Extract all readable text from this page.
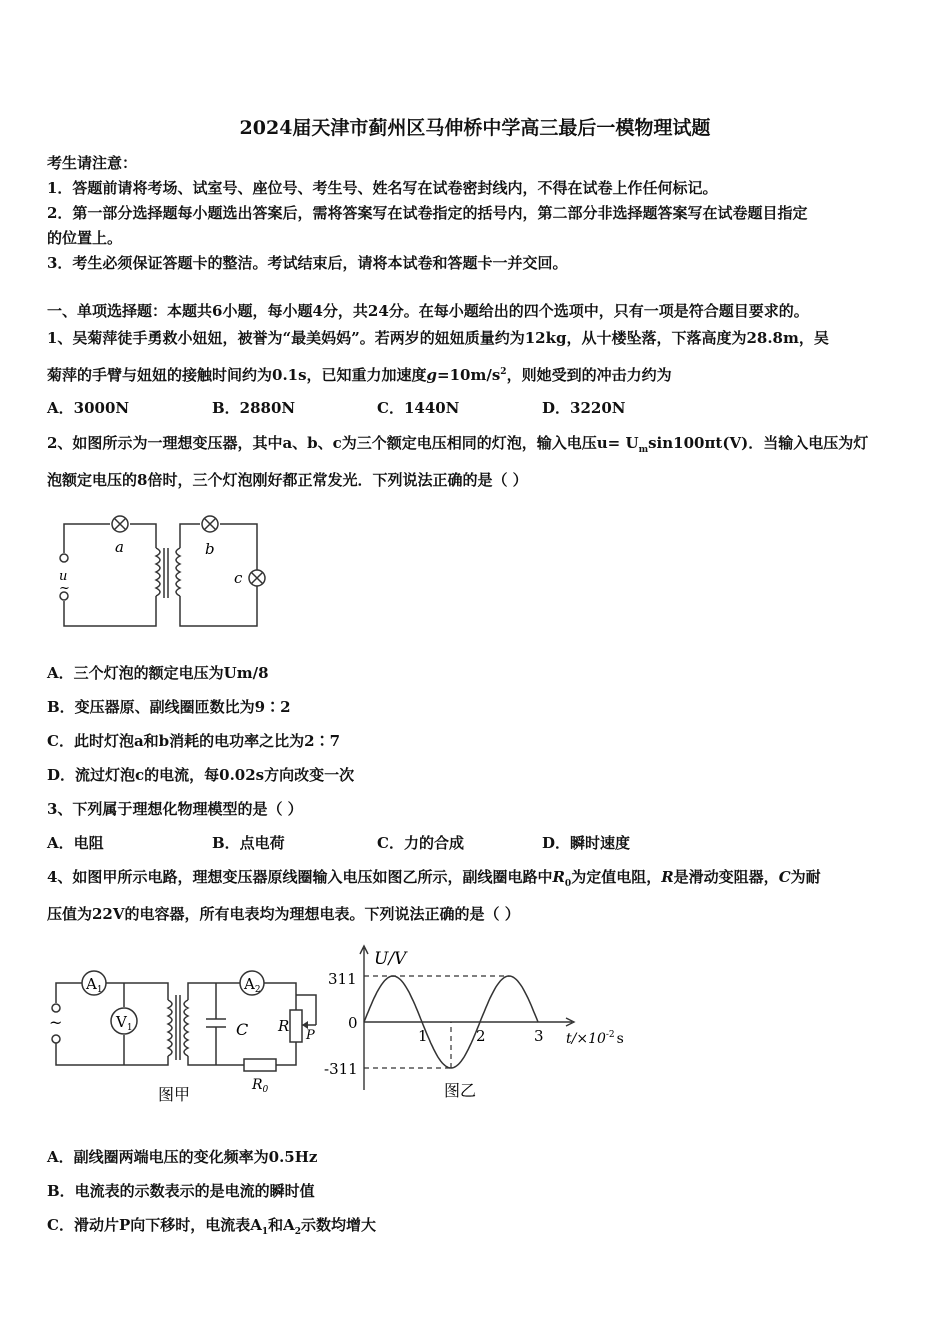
2024届天津市蓟州区马伸桥中学高三最后一模物理试题
考生请注意：
1．答题前请将考场、试室号、座位号、考生号、姓名写在试卷密封线内，不得在试卷上作任何标记。
2．第一部分选择题每小题选出答案后，需将答案写在试卷指定的括号内，第二部分非选择题答案写在试卷题目指定
的位置上。
3．考生必须保证答题卡的整洁。考试结束后，请将本试卷和答题卡一并交回。
一、单项选择题：本题共6小题，每小题4分，共24分。在每小题给出的四个选项中，只有一项是符合题目要求的。
1、吴菊萍徒手勇救小妞妞，被誉为“最美妈妈”。若两岁的妞妞质量约为12kg，从十楼坠落，下落高度为28.8m，吴
菊萍的手臂与妞妞的接触时间约为0.1s，已知重力加速度$g=10m/s^2$，则她受到的冲击力约为
A．3000N	B．2880N	C．1440N	D．3220N
2、如图所示为一理想变压器，其中a、b、c为三个额定电压相同的灯泡，输入电压$u= U_m\sin 100\pi t(V)$．当输入电压为灯
泡额定电压的8倍时，三个灯泡刚好都正常发光．下列说法正确的是（ ）
a	b
c
u
~
A．三个灯泡的额定电压为Um/8
B．变压器原、副线圈匝数比为9∶2
C．此时灯泡a和b消耗的电功率之比为2∶7
D．流过灯泡c的电流，每0.02s方向改变一次
3、下列属于理想化物理模型的是（ ）
A．电阻	B．点电荷	C．力的合成	D．瞬时速度
4、如图甲所示电路，理想变压器原线圈输入电压如图乙所示，副线圈电路中$R_0$为定值电阻，R是滑动变阻器，C为耐
压值为22V的电容器，所有电表均为理想电表。下列说法正确的是（ ）
$A_1$	$A_2$
$V_1$	C R
P
$R_0$
~
图甲
U/V
311
0
-311
1	2	3 $t/\times 10^{-2}$ s
图乙
A．副线圈两端电压的变化频率为0.5Hz
B．电流表的示数表示的是电流的瞬时值
C．滑动片P向下移时，电流表$A_1$和$A_2$示数均增大
